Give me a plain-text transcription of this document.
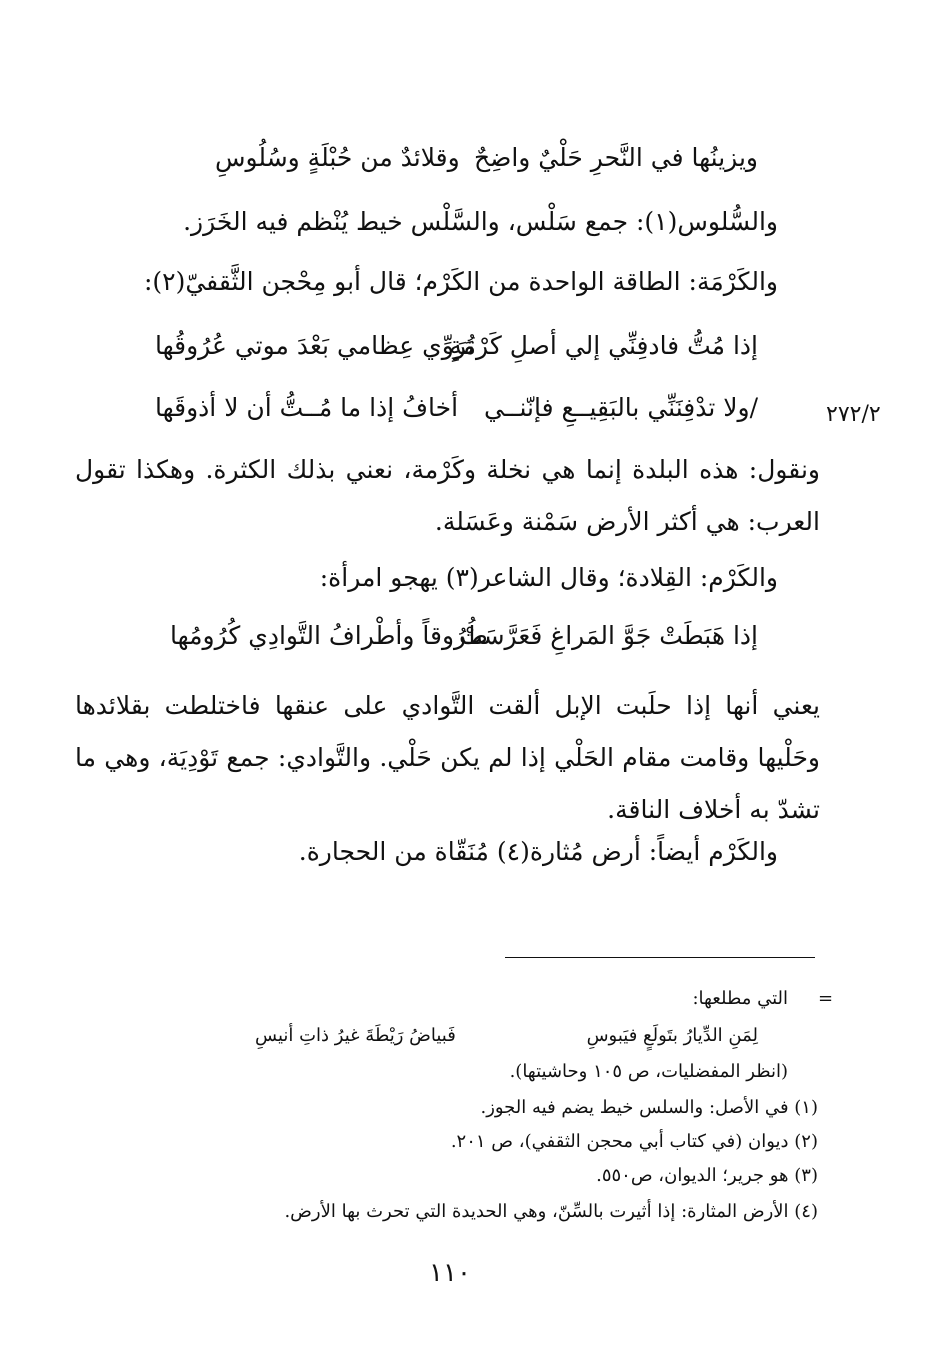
ويزينُها في النَّحرِ حَلْيٌ واضِحٌ
وقلائدٌ من حُبْلَةٍ وسُلُوسِ
والسُّلوس(١): جمع سَلْس، والسَّلْس خيط يُنْظم فيه الخَرَز.
والكَرْمَة: الطاقة الواحدة من الكَرْم؛ قال أبو مِحْجن الثَّقفيّ(٢):
إذا مُتُّ فادفِنِّي إلي أصلِ كَرْمَةٍ
تُرَوِّي عِظامي بَعْدَ موتي عُرُوقُها
٢٧٢/٢
/ولا تدْفِنَنِّي بالبَقِيــعِ فإنّنــي
أخافُ إذا ما مُــتُّ أن لا أذوقَها
ونقول: هذه البلدة إنما هي نخلة وكَرْمة، نعني بذلك الكثرة. وهكذا تقول العرب: هي أكثر الأرض سَمْنة وعَسَلة.
والكَرْم: القِلادة؛ وقال الشاعر(٣) يهجو امرأة:
إذا هَبَطَتْ جَوَّ المَراغِ فَعَرَّسَتْ
طُرُوقاً وأطْرافُ التَّوادِي كُرُومُها
يعني أنها إذا حلَبت الإبل ألقت التَّوادي على عنقها فاختلطت بقلائدها وحَلْيها وقامت مقام الحَلْي إذا لم يكن حَلْي. والتَّوادي: جمع تَوْدِيَة، وهي ما تشدّ به أخلاف الناقة.
والكَرْم أيضاً: أرض مُثارة(٤) مُنَقّاة من الحجارة.
=
التي مطلعها:
لِمَنِ الدِّيارُ بتَولَعٍ فيَبوسِ
فَبياضُ رَيْطَةَ غيرُ ذاتِ أنيسِ
(انظر المفضليات، ص ١٠٥ وحاشيتها).
(١) في الأصل: والسلس خيط يضم فيه الجوز.
(٢) ديوان (في كتاب أبي محجن الثقفي)، ص ٢٠١.
(٣) هو جرير؛ الديوان، ص٥٥٠.
(٤) الأرض المثارة: إذا أثيرت بالسِّنّ، وهي الحديدة التي تحرث بها الأرض.
١١٠
